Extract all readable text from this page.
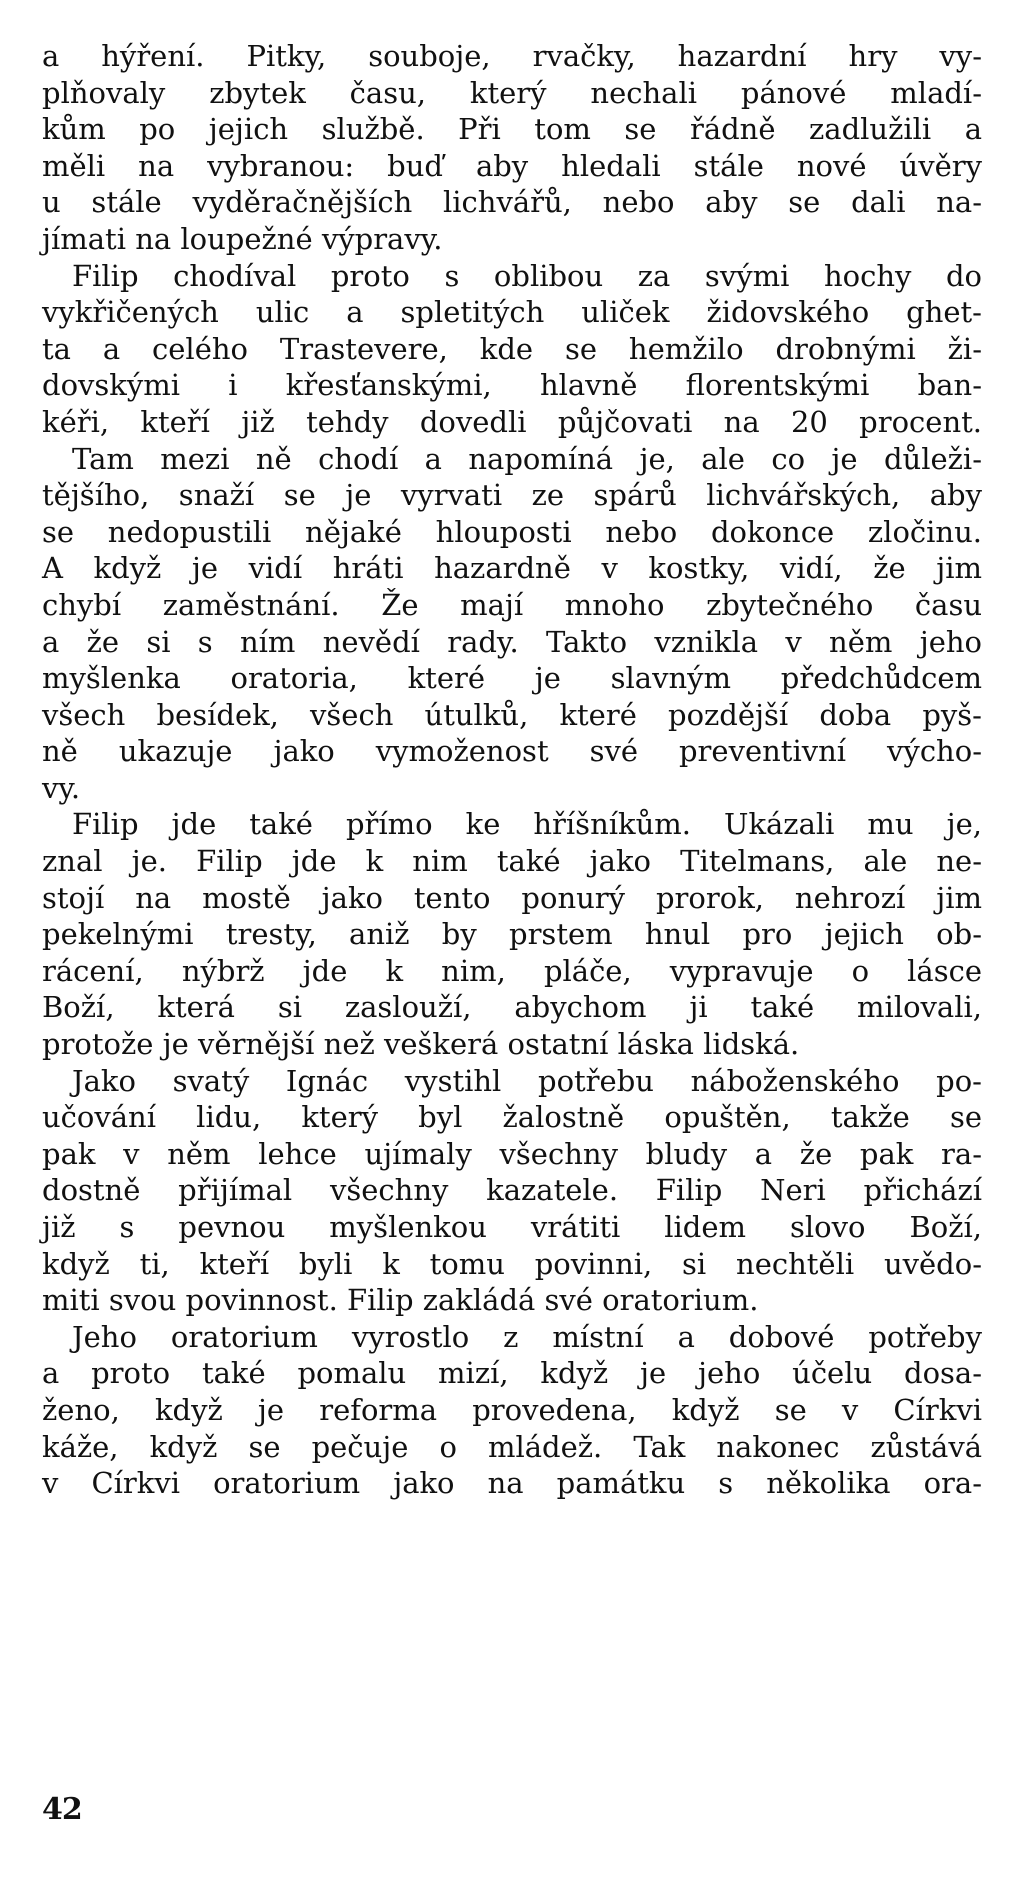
a hýření. Pitky, souboje, rvačky, hazardní hry vy-
plňovaly zbytek času, který nechali pánové mladí-
kům po jejich službě. Při tom se řádně zadlužili a
měli na vybranou: buď aby hledali stále nové úvěry
u stále vyděračnějších lichvářů, nebo aby se dali na-
jímati na loupežné výpravy.
Filip chodíval proto s oblibou za svými hochy do
vykřičených ulic a spletitých uliček židovského ghet-
ta a celého Trastevere, kde se hemžilo drobnými ži-
dovskými i křesťanskými, hlavně florentskými ban-
kéři, kteří již tehdy dovedli půjčovati na 20 procent.
Tam mezi ně chodí a napomíná je, ale co je důleži-
tějšího, snaží se je vyrvati ze spárů lichvářských, aby
se nedopustili nějaké hlouposti nebo dokonce zločinu.
A když je vidí hráti hazardně v kostky, vidí, že jim
chybí zaměstnání. Že mají mnoho zbytečného času
a že si s ním nevědí rady. Takto vznikla v něm jeho
myšlenka oratoria, které je slavným předchůdcem
všech besídek, všech útulků, které pozdější doba pyš-
ně ukazuje jako vymoženost své preventivní výcho-
vy.
Filip jde také přímo ke hříšníkům. Ukázali mu je,
znal je. Filip jde k nim také jako Titelmans, ale ne-
stojí na mostě jako tento ponurý prorok, nehrozí jim
pekelnými tresty, aniž by prstem hnul pro jejich ob-
rácení, nýbrž jde k nim, pláče, vypravuje o lásce
Boží, která si zaslouží, abychom ji také milovali,
protože je věrnější než veškerá ostatní láska lidská.
Jako svatý Ignác vystihl potřebu náboženského po-
učování lidu, který byl žalostně opuštěn, takže se
pak v něm lehce ujímaly všechny bludy a že pak ra-
dostně přijímal všechny kazatele. Filip Neri přichází
již s pevnou myšlenkou vrátiti lidem slovo Boží,
když ti, kteří byli k tomu povinni, si nechtěli uvědo-
miti svou povinnost. Filip zakládá své oratorium.
Jeho oratorium vyrostlo z místní a dobové potřeby
a proto také pomalu mizí, když je jeho účelu dosa-
ženo, když je reforma provedena, když se v Církvi
káže, když se pečuje o mládež. Tak nakonec zůstává
v Církvi oratorium jako na památku s několika ora-
42
